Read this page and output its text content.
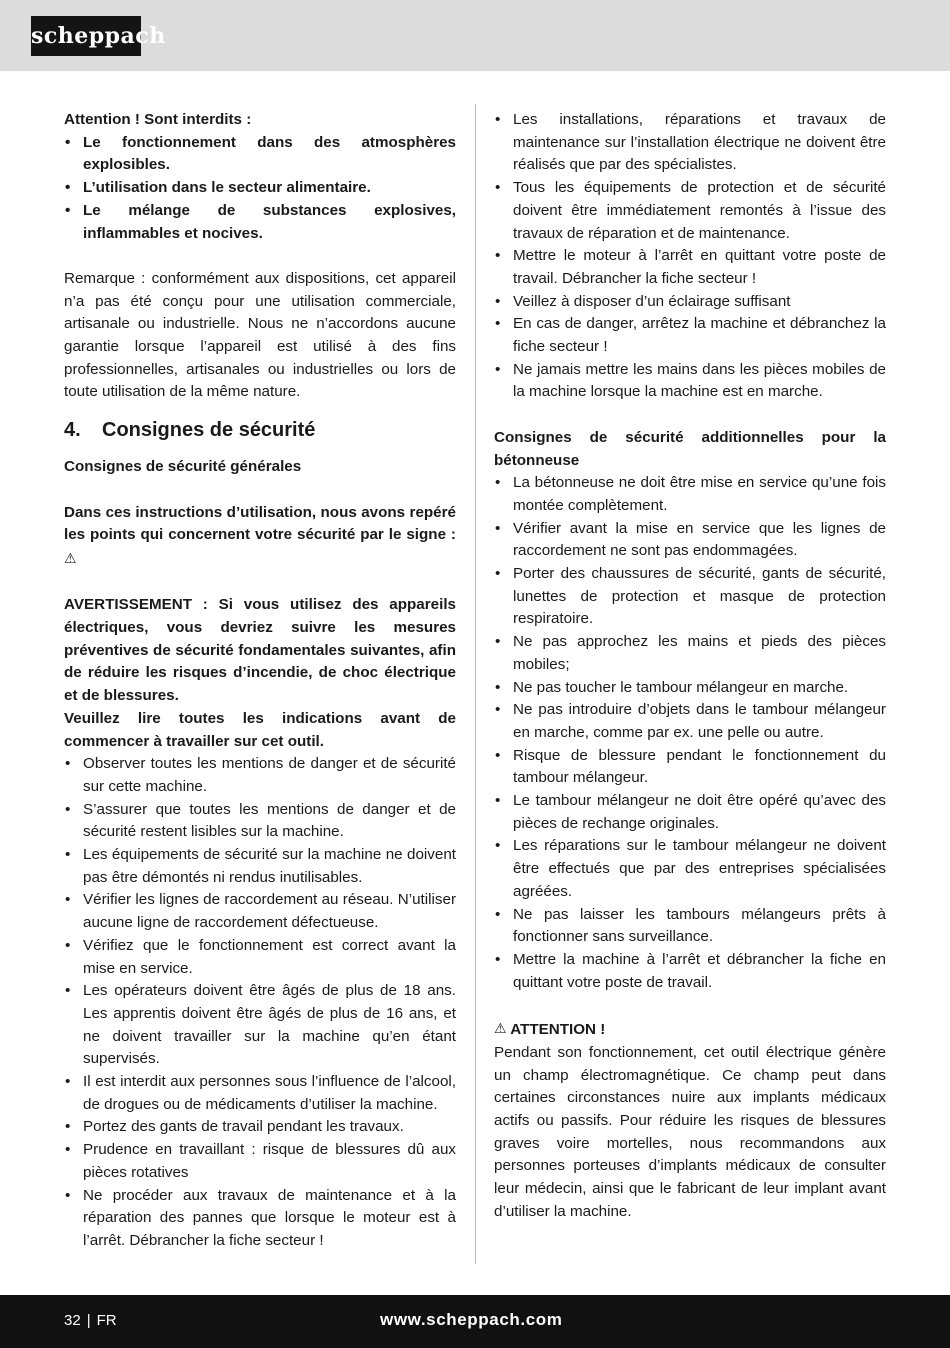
scheppach

Attention ! Sont interdits :

• Le fonctionnement dans des atmosphères explosibles.
• L’utilisation dans le secteur alimentaire.
• Le mélange de substances explosives, inflammables et nocives.

Remarque : conformément aux dispositions, cet appareil n’a pas été conçu pour une utilisation commerciale, artisanale ou industrielle. Nous ne n’accordons aucune garantie lorsque l’appareil est utilisé à des fins professionnelles, artisanales ou industrielles ou lors de toute utilisation de la même nature.

4. Consignes de sécurité

Consignes de sécurité générales

Dans ces instructions d’utilisation, nous avons repéré les points qui concernent votre sécurité par le signe : ⚠

AVERTISSEMENT : Si vous utilisez des appareils électriques, vous devriez suivre les mesures préventives de sécurité fondamentales suivantes, afin de réduire les risques d’incendie, de choc électrique et de blessures.

Veuillez lire toutes les indications avant de commencer à travailler sur cet outil.

• Observer toutes les mentions de danger et de sécurité sur cette machine.
• S’assurer que toutes les mentions de danger et de sécurité restent lisibles sur la machine.
• Les équipements de sécurité sur la machine ne doivent pas être démontés ni rendus inutilisables.
• Vérifier les lignes de raccordement au réseau. N’utiliser aucune ligne de raccordement défectueuse.
• Vérifiez que le fonctionnement est correct avant la mise en service.
• Les opérateurs doivent être âgés de plus de 18 ans. Les apprentis doivent être âgés de plus de 16 ans, et ne doivent travailler sur la machine qu’en étant supervisés.
• Il est interdit aux personnes sous l’influence de l’alcool, de drogues ou de médicaments d’utiliser la machine.
• Portez des gants de travail pendant les travaux.
• Prudence en travaillant : risque de blessures dû aux pièces rotatives
• Ne procéder aux travaux de maintenance et à la réparation des pannes que lorsque le moteur est à l’arrêt. Débrancher la fiche secteur !
• Les installations, réparations et travaux de maintenance sur l’installation électrique ne doivent être réalisés que par des spécialistes.
• Tous les équipements de protection et de sécurité doivent être immédiatement remontés à l’issue des travaux de réparation et de maintenance.
• Mettre le moteur à l’arrêt en quittant votre poste de travail. Débrancher la fiche secteur !
• Veillez à disposer d’un éclairage suffisant
• En cas de danger, arrêtez la machine et débranchez la fiche secteur !
• Ne jamais mettre les mains dans les pièces mobiles de la machine lorsque la machine est en marche.

Consignes de sécurité additionnelles pour la bétonneuse

• La bétonneuse ne doit être mise en service qu’une fois montée complètement.
• Vérifier avant la mise en service que les lignes de raccordement ne sont pas endommagées.
• Porter des chaussures de sécurité, gants de sécurité, lunettes de protection et masque de protection respiratoire.
• Ne pas approchez les mains et pieds des pièces mobiles;
• Ne pas toucher le tambour mélangeur en marche.
• Ne pas introduire d’objets dans le tambour mélangeur en marche, comme par ex. une pelle ou autre.
• Risque de blessure pendant le fonctionnement du tambour mélangeur.
• Le tambour mélangeur ne doit être opéré qu’avec des pièces de rechange originales.
• Les réparations sur le tambour mélangeur ne doivent être effectués que par des entreprises spécialisées agréées.
• Ne pas laisser les tambours mélangeurs prêts à fonctionner sans surveillance.
• Mettre la machine à l’arrêt et débrancher la fiche en quittant votre poste de travail.

⚠ ATTENTION !

Pendant son fonctionnement, cet outil électrique génère un champ électromagnétique. Ce champ peut dans certaines circonstances nuire aux implants médicaux actifs ou passifs. Pour réduire les risques de blessures graves voire mortelles, nous recommandons aux personnes porteuses d’implants médicaux de consulter leur médecin, ainsi que le fabricant de leur implant avant d’utiliser la machine.

32 | FR	www.scheppach.com
